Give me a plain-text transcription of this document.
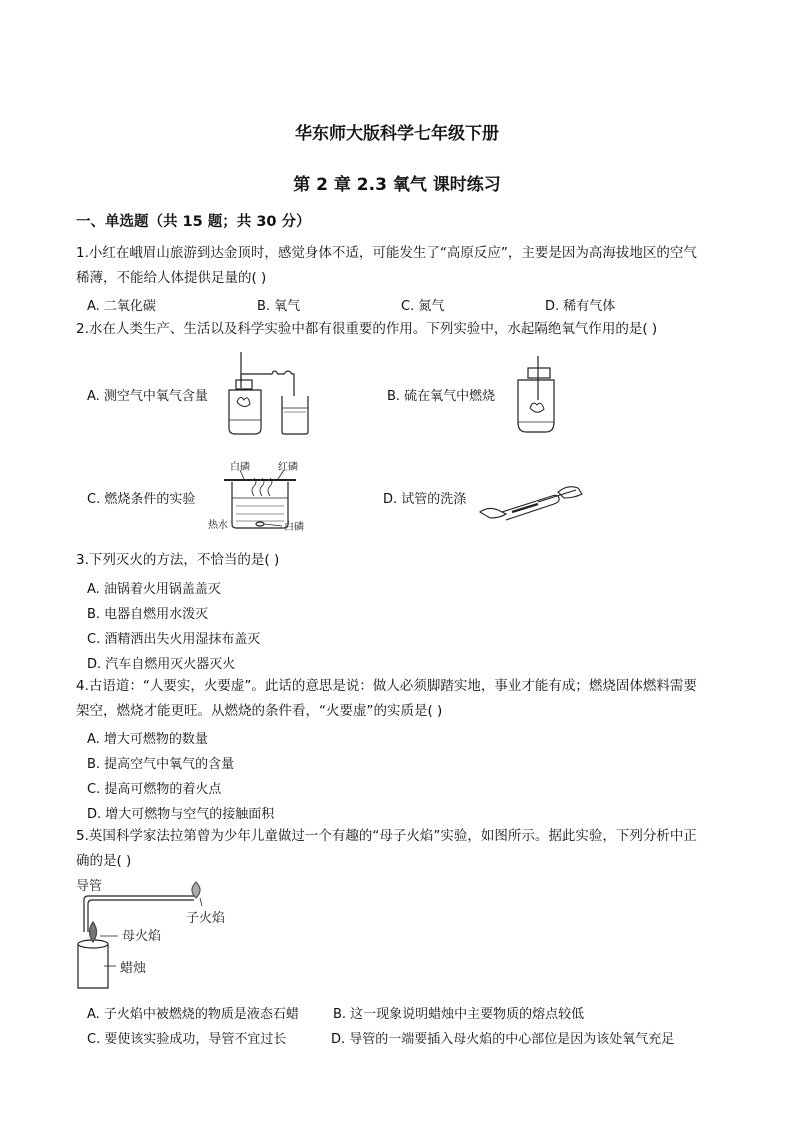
华东师大版科学七年级下册
第 2 章 2.3 氧气 课时练习
一、单选题（共 15 题；共 30 分）
1.小红在峨眉山旅游到达金顶时，感觉身体不适，可能发生了“高原反应”，主要是因为高海拔地区的空气
稀薄，不能给人体提供足量的( )
A. 二氧化碳	B. 氧气	C. 氮气	D. 稀有气体
2.水在人类生产、生活以及科学实验中都有很重要的作用。下列实验中，水起隔绝氧气作用的是( )
A. 测空气中氧气含量	B. 硫在氧气中燃烧
C. 燃烧条件的实验	D. 试管的洗涤
白磷	红磷
热水	白磷
3.下列灭火的方法，不恰当的是( )
A. 油锅着火用锅盖盖灭
B. 电器自燃用水泼灭
C. 酒精洒出失火用湿抹布盖灭
D. 汽车自燃用灭火器灭火
4.古语道：“人要实，火要虚”。此话的意思是说：做人必须脚踏实地，事业才能有成；燃烧固体燃料需要
架空，燃烧才能更旺。从燃烧的条件看，“火要虚”的实质是( )
A. 增大可燃物的数量
B. 提高空气中氧气的含量
C. 提高可燃物的着火点
D. 增大可燃物与空气的接触面积
5.英国科学家法拉第曾为少年儿童做过一个有趣的“母子火焰”实验，如图所示。据此实验，下列分析中正
确的是( )
导管
子火焰
母火焰
蜡烛
A. 子火焰中被燃烧的物质是液态石蜡	B. 这一现象说明蜡烛中主要物质的熔点较低
C. 要使该实验成功，导管不宜过长	D. 导管的一端要插入母火焰的中心部位是因为该处氧气充足
